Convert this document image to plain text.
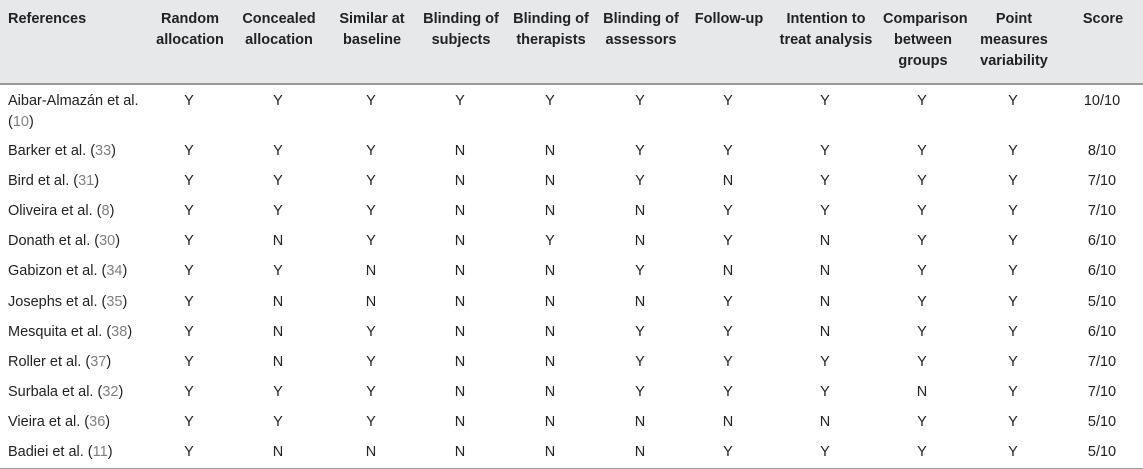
References	Random allocation	Concealed allocation	Similar at baseline	Blinding of subjects	Blinding of therapists	Blinding of assessors	Follow-up	Intention to treat analysis	Comparison between groups	Point measures variability	Score
Aibar-Almazán et al. (10)	Y	Y	Y	Y	Y	Y	Y	Y	Y	Y	10/10
Barker et al. (33)	Y	Y	Y	N	N	Y	Y	Y	Y	Y	8/10
Bird et al. (31)	Y	Y	Y	N	N	Y	N	Y	Y	Y	7/10
Oliveira et al. (8)	Y	Y	Y	N	N	N	Y	Y	Y	Y	7/10
Donath et al. (30)	Y	N	Y	N	Y	N	Y	N	Y	Y	6/10
Gabizon et al. (34)	Y	Y	N	N	N	Y	N	N	Y	Y	6/10
Josephs et al. (35)	Y	N	N	N	N	N	Y	N	Y	Y	5/10
Mesquita et al. (38)	Y	N	Y	N	N	Y	Y	N	Y	Y	6/10
Roller et al. (37)	Y	N	Y	N	N	Y	Y	Y	Y	Y	7/10
Surbala et al. (32)	Y	Y	Y	N	N	Y	Y	Y	N	Y	7/10
Vieira et al. (36)	Y	Y	Y	N	N	N	N	N	Y	Y	5/10
Badiei et al. (11)	Y	N	N	N	N	N	Y	Y	Y	Y	5/10
